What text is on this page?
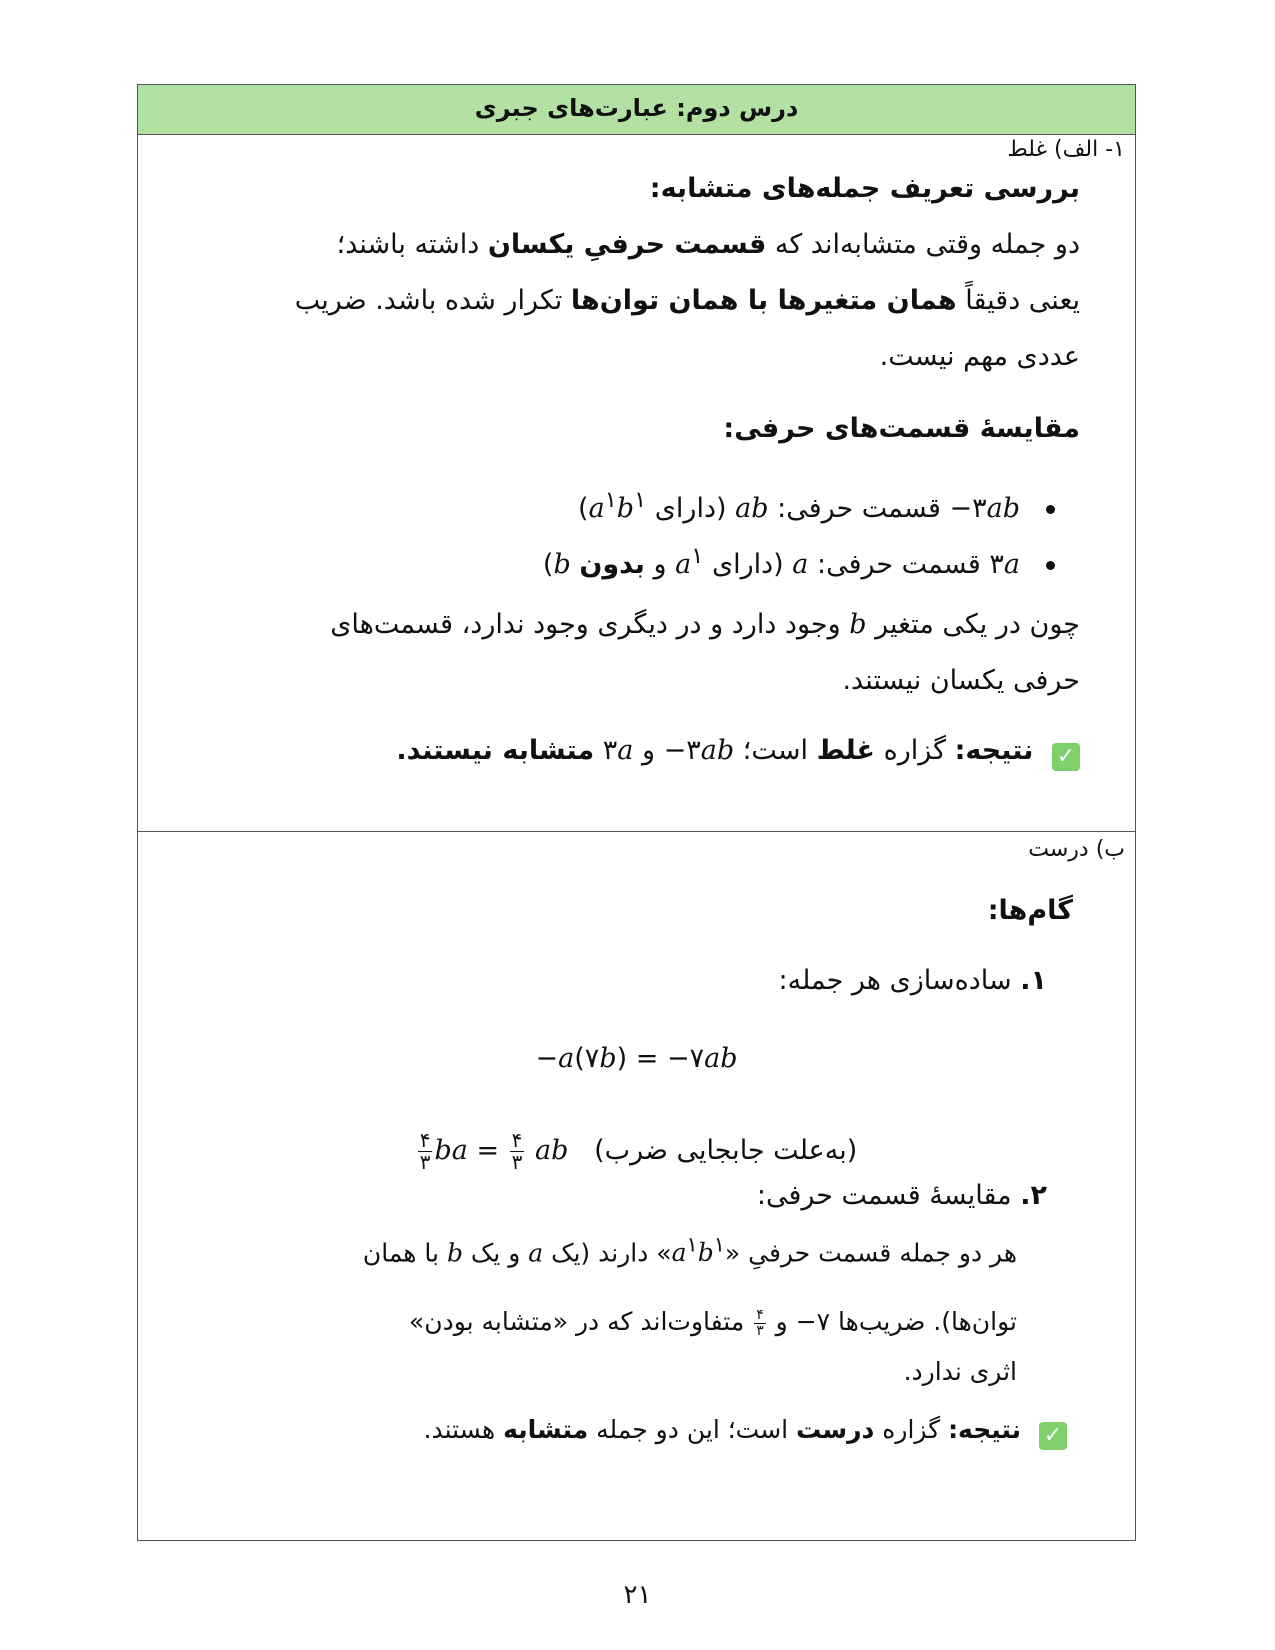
درس دوم: عبارت‌های جبری
۱- الف) غلط
بررسی تعریف جمله‌های متشابه:
دو جمله وقتی متشابه‌اند که قسمت حرفیِ یکسان داشته باشند؛
یعنی دقیقاً همان متغیرها با همان توان‌ها تکرار شده باشد. ضریب
عددی مهم نیست.
مقایسهٔ قسمت‌های حرفی:
−۳ab قسمت حرفی: ab (دارای $a^۱b^۱$)
۳a قسمت حرفی: a (دارای $a^۱$ و بدون b)
چون در یکی متغیر b وجود دارد و در دیگری وجود ندارد، قسمت‌های
حرفی یکسان نیستند.
✓ نتیجه: گزاره غلط است؛ −۳ab و ۳a متشابه نیستند.
ب) درست
گام‌ها:
۱. ساده‌سازی هر جمله:
−a(۷b) = −۷ab
$\frac{۴}{۳}$ ba = $\frac{۴}{۳}$ ab (به‌علت جابجایی ضرب)
۲. مقایسهٔ قسمت حرفی:
هر دو جمله قسمت حرفیِ «$a^۱b^۱$» دارند (یک a و یک b با همان
توان‌ها). ضریب‌ها −۷ و
$\frac{۴}{۳}$
متفاوت‌اند که در «متشابه بودن»
اثری ندارد.
✓ نتیجه: گزاره درست است؛ این دو جمله متشابه هستند.
۲۱
